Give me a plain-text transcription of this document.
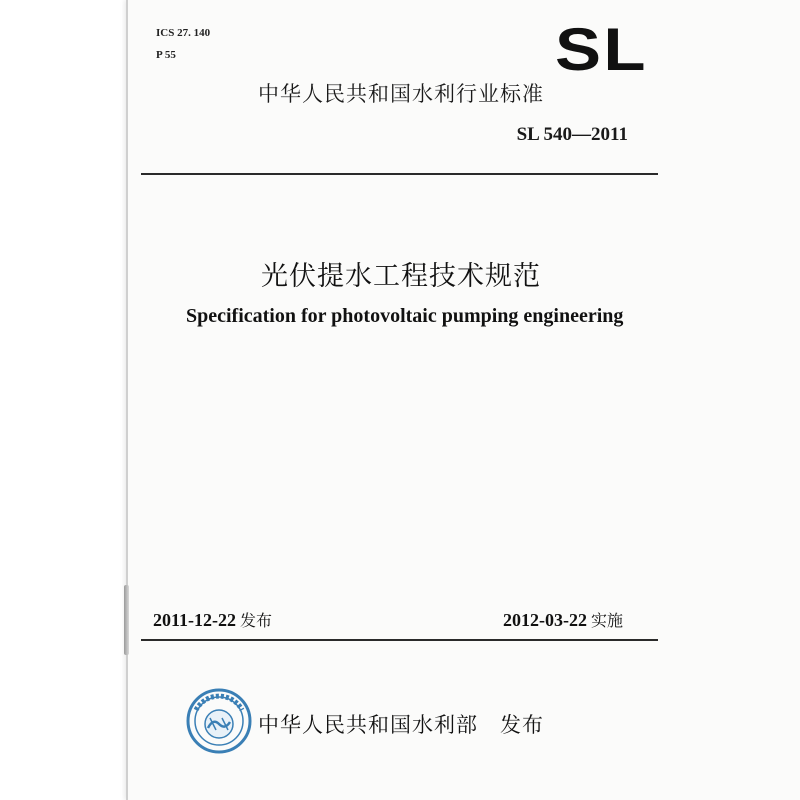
ICS 27. 140
P 55	SL
中华人民共和国水利行业标准
SL 540—2011
光伏提水工程技术规范
Specification for photovoltaic pumping engineering
2011-12-22 发布	2012-03-22 实施
中华人民共和国水利部　发布
